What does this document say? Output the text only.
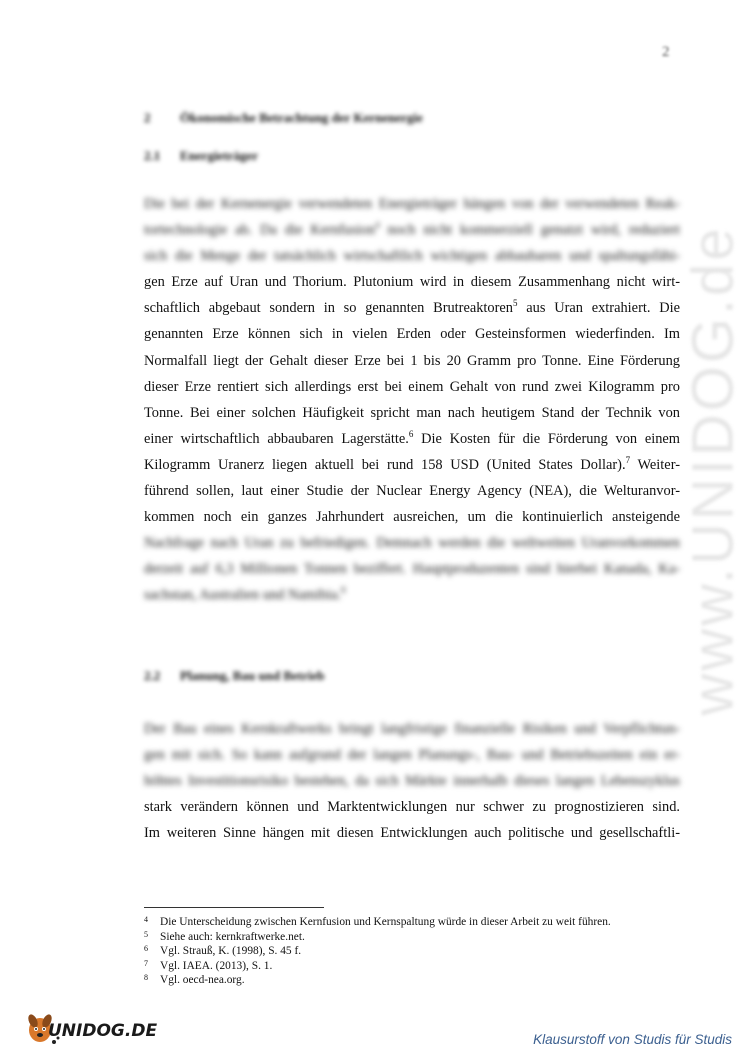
www.UNIDOG.de
2
2 Ökonomische Betrachtung der Kernenergie
2.1 Energieträger
Die bei der Kernenergie verwendeten Energieträger hängen von der verwendeten Reak-
tortechnologie ab. Da die Kernfusion$^4$ noch nicht kommerziell genutzt wird, reduziert
sich die Menge der tatsächlich wirtschaftlich wichtigen abbaubaren und spaltungsfähi-
gen Erze auf Uran und Thorium. Plutonium wird in diesem Zusammenhang nicht wirt-
schaftlich abgebaut sondern in so genannten Brutreaktoren$^5$ aus Uran extrahiert. Die
genannten Erze können sich in vielen Erden oder Gesteinsformen wiederfinden. Im
Normalfall liegt der Gehalt dieser Erze bei 1 bis 20 Gramm pro Tonne. Eine Förderung
dieser Erze rentiert sich allerdings erst bei einem Gehalt von rund zwei Kilogramm pro
Tonne. Bei einer solchen Häufigkeit spricht man nach heutigem Stand der Technik von
einer wirtschaftlich abbaubaren Lagerstätte.$^6$ Die Kosten für die Förderung von einem
Kilogramm Uranerz liegen aktuell bei rund 158 USD (United States Dollar).$^7$ Weiter-
führend sollen, laut einer Studie der Nuclear Energy Agency (NEA), die Welturanvor-
kommen noch ein ganzes Jahrhundert ausreichen, um die kontinuierlich ansteigende
Nachfrage nach Uran zu befriedigen. Demnach werden die weltweiten Uranvorkommen
derzeit auf 6,3 Millionen Tonnen beziffert. Hauptproduzenten sind hierbei Kanada, Ka-
sachstan, Australien und Namibia.$^8$
2.2 Planung, Bau und Betrieb
Der Bau eines Kernkraftwerks bringt langfristige finanzielle Risiken und Verpflichtun-
gen mit sich. So kann aufgrund der langen Planungs-, Bau- und Betriebszeiten ein er-
höhtes Investitionsrisiko bestehen, da sich Märkte innerhalb dieses langen Lebenszyklus
stark verändern können und Marktentwicklungen nur schwer zu prognostizieren sind.
Im weiteren Sinne hängen mit diesen Entwicklungen auch politische und gesellschaftli-
4	Die Unterscheidung zwischen Kernfusion und Kernspaltung würde in dieser Arbeit zu weit führen.
5	Siehe auch: kernkraftwerke.net.
6	Vgl. Strauß, K. (1998), S. 45 f.
7	Vgl. IAEA. (2013), S. 1.
8	Vgl. oecd-nea.org.
UNIDOG.DE	Klausurstoff von Studis für Studis
